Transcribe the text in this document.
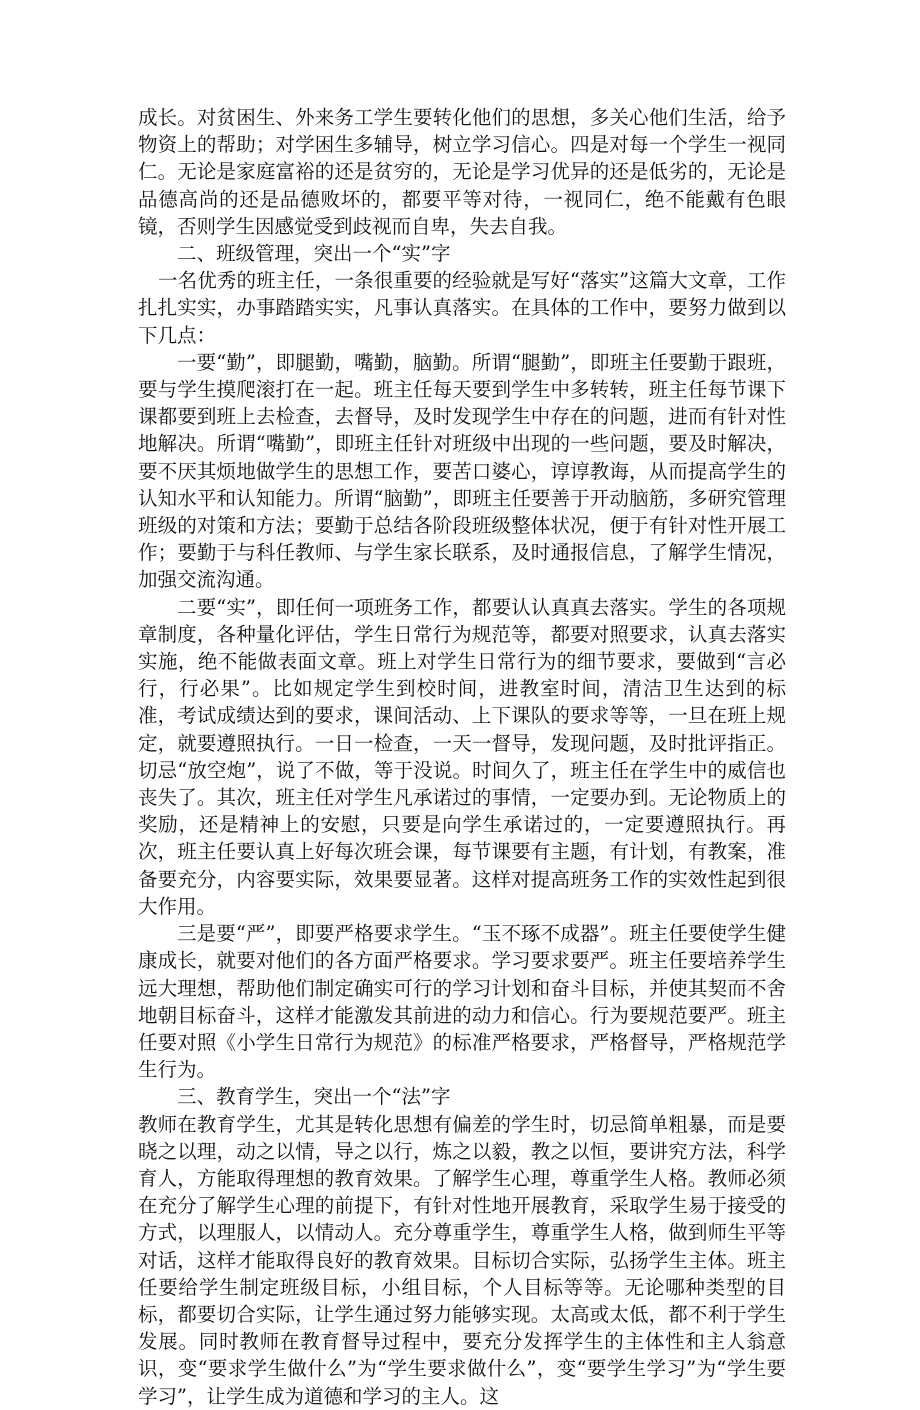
成长。对贫困生、外来务工学生要转化他们的思想，多关心他们生活，给予物资上的帮助；对学困生多辅导，树立学习信心。四是对每一个学生一视同仁。无论是家庭富裕的还是贫穷的，无论是学习优异的还是低劣的，无论是品德高尚的还是品德败坏的，都要平等对待，一视同仁，绝不能戴有色眼镜，否则学生因感觉受到歧视而自卑，失去自我。

二、班级管理，突出一个“实”字

一名优秀的班主任，一条很重要的经验就是写好“落实”这篇大文章，工作扎扎实实，办事踏踏实实，凡事认真落实。在具体的工作中，要努力做到以下几点：

一要“勤”，即腿勤，嘴勤，脑勤。所谓“腿勤”，即班主任要勤于跟班，要与学生摸爬滚打在一起。班主任每天要到学生中多转转，班主任每节课下课都要到班上去检查，去督导，及时发现学生中存在的问题，进而有针对性地解决。所谓“嘴勤”，即班主任针对班级中出现的一些问题，要及时解决，要不厌其烦地做学生的思想工作，要苦口婆心，谆谆教诲，从而提高学生的认知水平和认知能力。所谓“脑勤”，即班主任要善于开动脑筋，多研究管理班级的对策和方法；要勤于总结各阶段班级整体状况，便于有针对性开展工作；要勤于与科任教师、与学生家长联系，及时通报信息，了解学生情况，加强交流沟通。

二要“实”，即任何一项班务工作，都要认认真真去落实。学生的各项规章制度，各种量化评估，学生日常行为规范等，都要对照要求，认真去落实实施，绝不能做表面文章。班上对学生日常行为的细节要求，要做到“言必行，行必果”。比如规定学生到校时间，进教室时间，清洁卫生达到的标准，考试成绩达到的要求，课间活动、上下课队的要求等等，一旦在班上规定，就要遵照执行。一日一检查，一天一督导，发现问题，及时批评指正。切忌“放空炮”，说了不做，等于没说。时间久了，班主任在学生中的威信也丧失了。其次，班主任对学生凡承诺过的事情，一定要办到。无论物质上的奖励，还是精神上的安慰，只要是向学生承诺过的，一定要遵照执行。再次，班主任要认真上好每次班会课，每节课要有主题，有计划，有教案，准备要充分，内容要实际，效果要显著。这样对提高班务工作的实效性起到很大作用。

三是要“严”，即要严格要求学生。“玉不琢不成器”。班主任要使学生健康成长，就要对他们的各方面严格要求。学习要求要严。班主任要培养学生远大理想，帮助他们制定确实可行的学习计划和奋斗目标，并使其契而不舍地朝目标奋斗，这样才能激发其前进的动力和信心。行为要规范要严。班主任要对照《小学生日常行为规范》的标准严格要求，严格督导，严格规范学生行为。

三、教育学生，突出一个“法”字

教师在教育学生，尤其是转化思想有偏差的学生时，切忌简单粗暴，而是要晓之以理，动之以情，导之以行，炼之以毅，教之以恒，要讲究方法，科学育人，方能取得理想的教育效果。了解学生心理，尊重学生人格。教师必须在充分了解学生心理的前提下，有针对性地开展教育，采取学生易于接受的方式，以理服人，以情动人。充分尊重学生，尊重学生人格，做到师生平等对话，这样才能取得良好的教育效果。目标切合实际，弘扬学生主体。班主任要给学生制定班级目标，小组目标，个人目标等等。无论哪种类型的目标，都要切合实际，让学生通过努力能够实现。太高或太低，都不利于学生发展。同时教师在教育督导过程中，要充分发挥学生的主体性和主人翁意识，变“要求学生做什么”为“学生要求做什么”，变“要学生学习”为“学生要学习”，让学生成为道德和学习的主人。这
